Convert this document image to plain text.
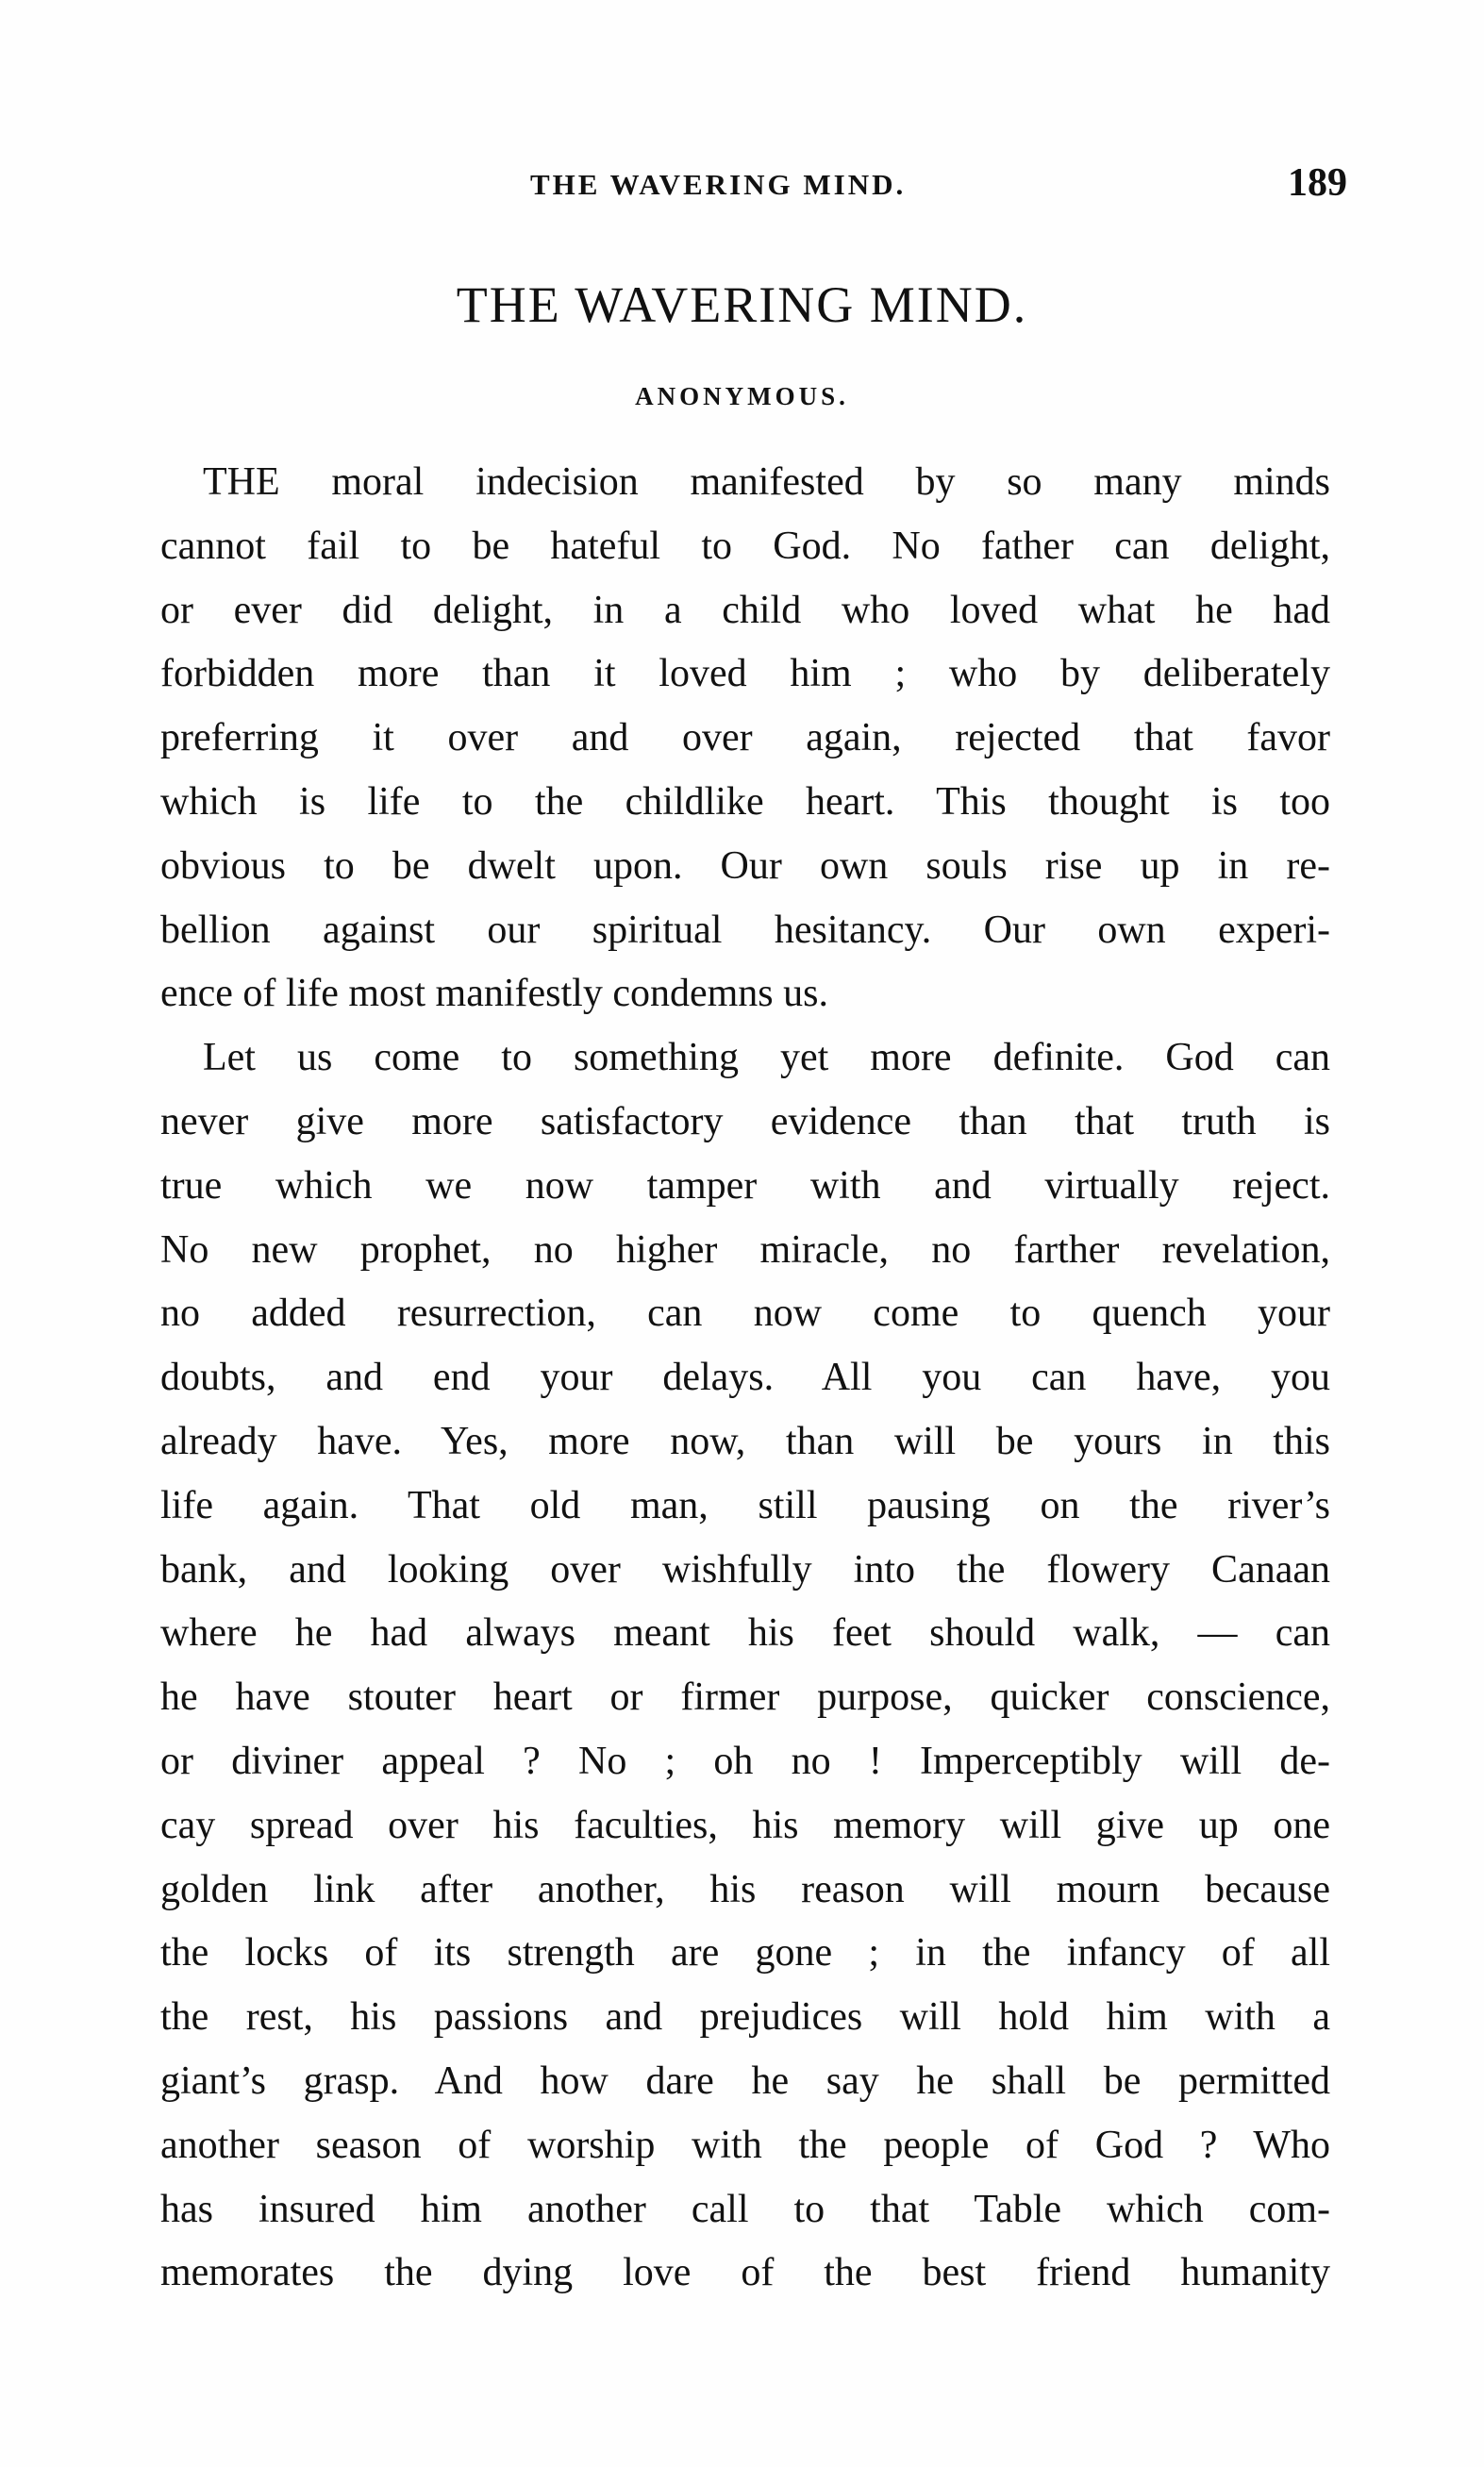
THE WAVERING MIND.	189
THE WAVERING MIND.
ANONYMOUS.
THE moral indecision manifested by so many minds
cannot fail to be hateful to God. No father can delight,
or ever did delight, in a child who loved what he had
forbidden more than it loved him ; who by deliberately
preferring it over and over again, rejected that favor
which is life to the childlike heart. This thought is too
obvious to be dwelt upon. Our own souls rise up in re-
bellion against our spiritual hesitancy. Our own experi-
ence of life most manifestly condemns us.
Let us come to something yet more definite. God can
never give more satisfactory evidence than that truth is
true which we now tamper with and virtually reject.
No new prophet, no higher miracle, no farther revelation,
no added resurrection, can now come to quench your
doubts, and end your delays. All you can have, you
already have. Yes, more now, than will be yours in this
life again. That old man, still pausing on the river’s
bank, and looking over wishfully into the flowery Canaan
where he had always meant his feet should walk, — can
he have stouter heart or firmer purpose, quicker conscience,
or diviner appeal ? No ; oh no ! Imperceptibly will de-
cay spread over his faculties, his memory will give up one
golden link after another, his reason will mourn because
the locks of its strength are gone ; in the infancy of all
the rest, his passions and prejudices will hold him with a
giant’s grasp. And how dare he say he shall be permitted
another season of worship with the people of God ? Who
has insured him another call to that Table which com-
memorates the dying love of the best friend humanity
